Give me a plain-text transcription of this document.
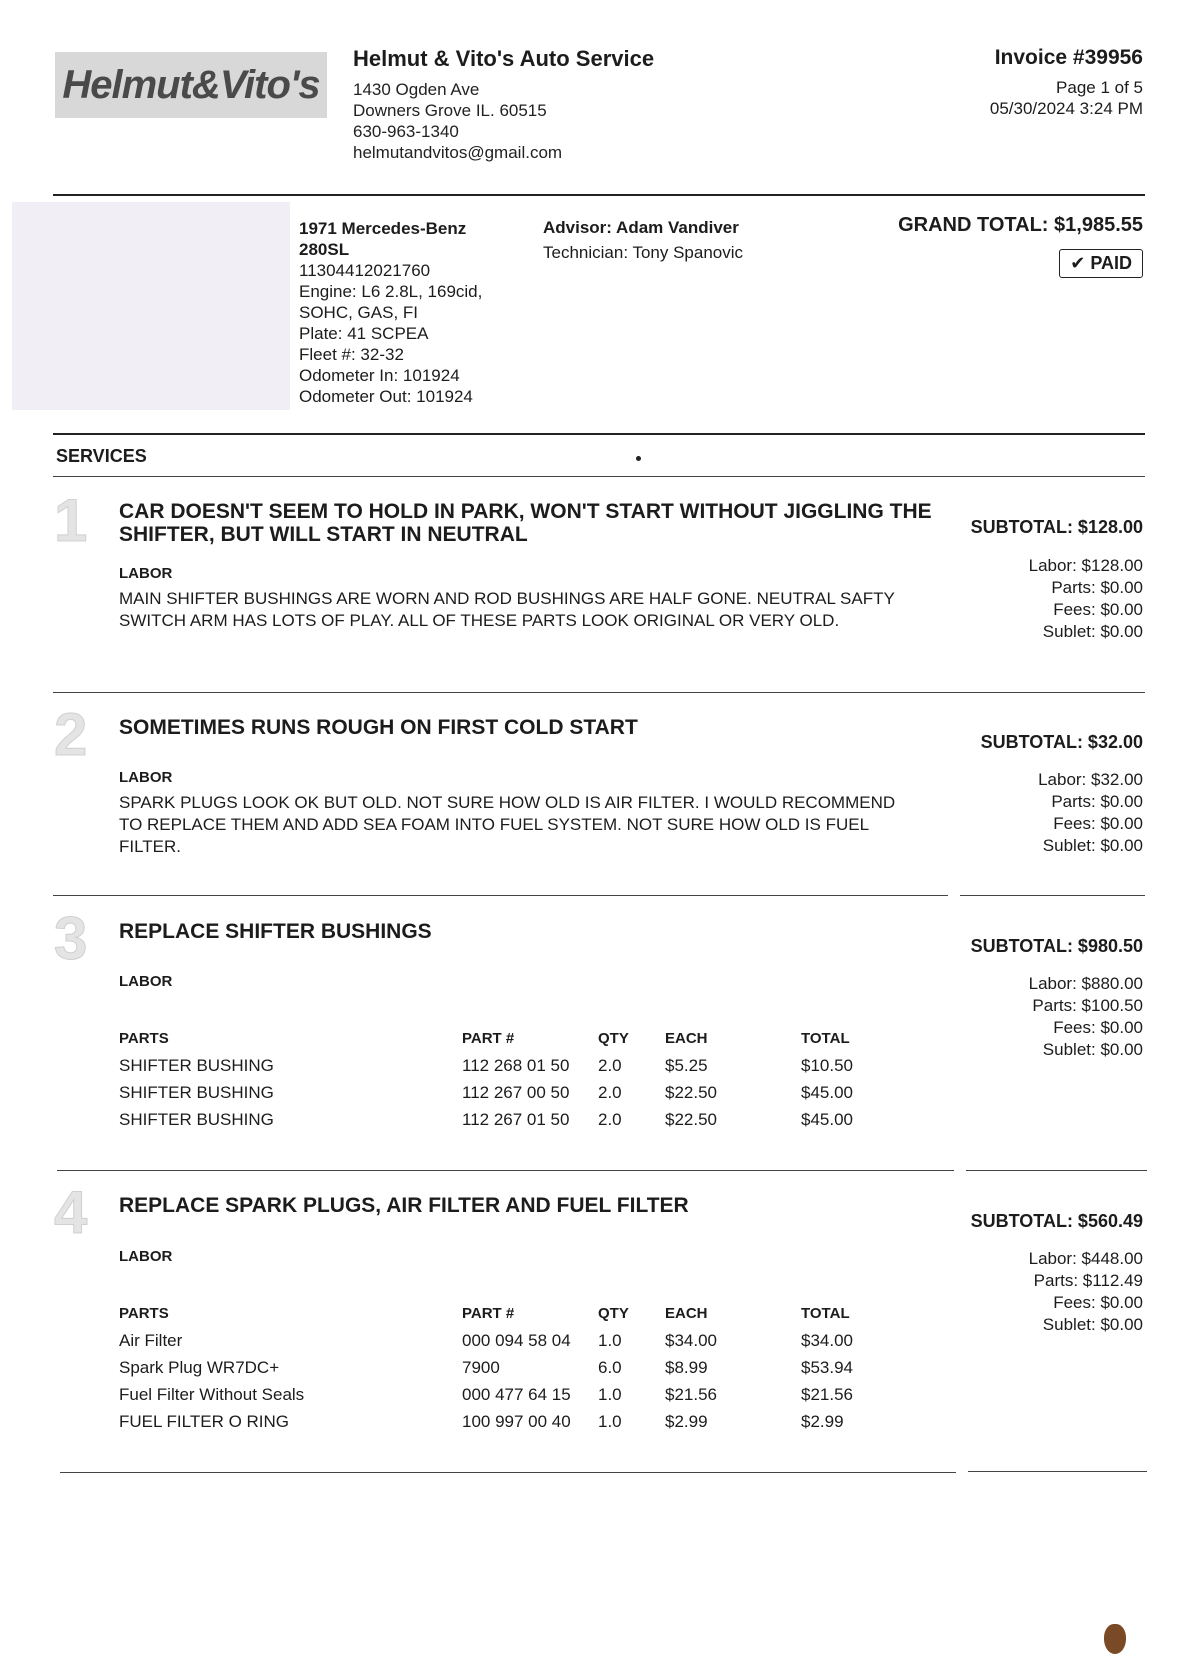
Helmut&Vito's
Helmut & Vito's Auto Service
1430 Ogden Ave
Downers Grove IL. 60515
630-963-1340
helmutandvitos@gmail.com
Invoice #39956
Page 1 of 5
05/30/2024 3:24 PM
1971 Mercedes-Benz
280SL
11304412021760
Engine: L6 2.8L, 169cid,
SOHC, GAS, FI
Plate: 41 SCPEA
Fleet #: 32-32
Odometer In: 101924
Odometer Out: 101924
Advisor: Adam Vandiver
Technician: Tony Spanovic
GRAND TOTAL: $1,985.55
✔ PAID
SERVICES
1 CAR DOESN'T SEEM TO HOLD IN PARK, WON'T START WITHOUT JIGGLING THE SHIFTER, BUT WILL START IN NEUTRAL
LABOR
MAIN SHIFTER BUSHINGS ARE WORN AND ROD BUSHINGS ARE HALF GONE. NEUTRAL SAFTY SWITCH ARM HAS LOTS OF PLAY. ALL OF THESE PARTS LOOK ORIGINAL OR VERY OLD.
SUBTOTAL: $128.00
Labor: $128.00
Parts: $0.00
Fees: $0.00
Sublet: $0.00
2 SOMETIMES RUNS ROUGH ON FIRST COLD START
LABOR
SPARK PLUGS LOOK OK BUT OLD. NOT SURE HOW OLD IS AIR FILTER. I WOULD RECOMMEND TO REPLACE THEM AND ADD SEA FOAM INTO FUEL SYSTEM. NOT SURE HOW OLD IS FUEL FILTER.
SUBTOTAL: $32.00
Labor: $32.00
Parts: $0.00
Fees: $0.00
Sublet: $0.00
3 REPLACE SHIFTER BUSHINGS
LABOR
SUBTOTAL: $980.50
Labor: $880.00
Parts: $100.50
Fees: $0.00
Sublet: $0.00
PARTS	PART #	QTY	EACH	TOTAL
SHIFTER BUSHING	112 268 01 50	2.0	$5.25	$10.50
SHIFTER BUSHING	112 267 00 50	2.0	$22.50	$45.00
SHIFTER BUSHING	112 267 01 50	2.0	$22.50	$45.00
4 REPLACE SPARK PLUGS, AIR FILTER AND FUEL FILTER
LABOR
SUBTOTAL: $560.49
Labor: $448.00
Parts: $112.49
Fees: $0.00
Sublet: $0.00
PARTS	PART #	QTY	EACH	TOTAL
Air Filter	000 094 58 04	1.0	$34.00	$34.00
Spark Plug WR7DC+	7900	6.0	$8.99	$53.94
Fuel Filter Without Seals	000 477 64 15	1.0	$21.56	$21.56
FUEL FILTER O RING	100 997 00 40	1.0	$2.99	$2.99
